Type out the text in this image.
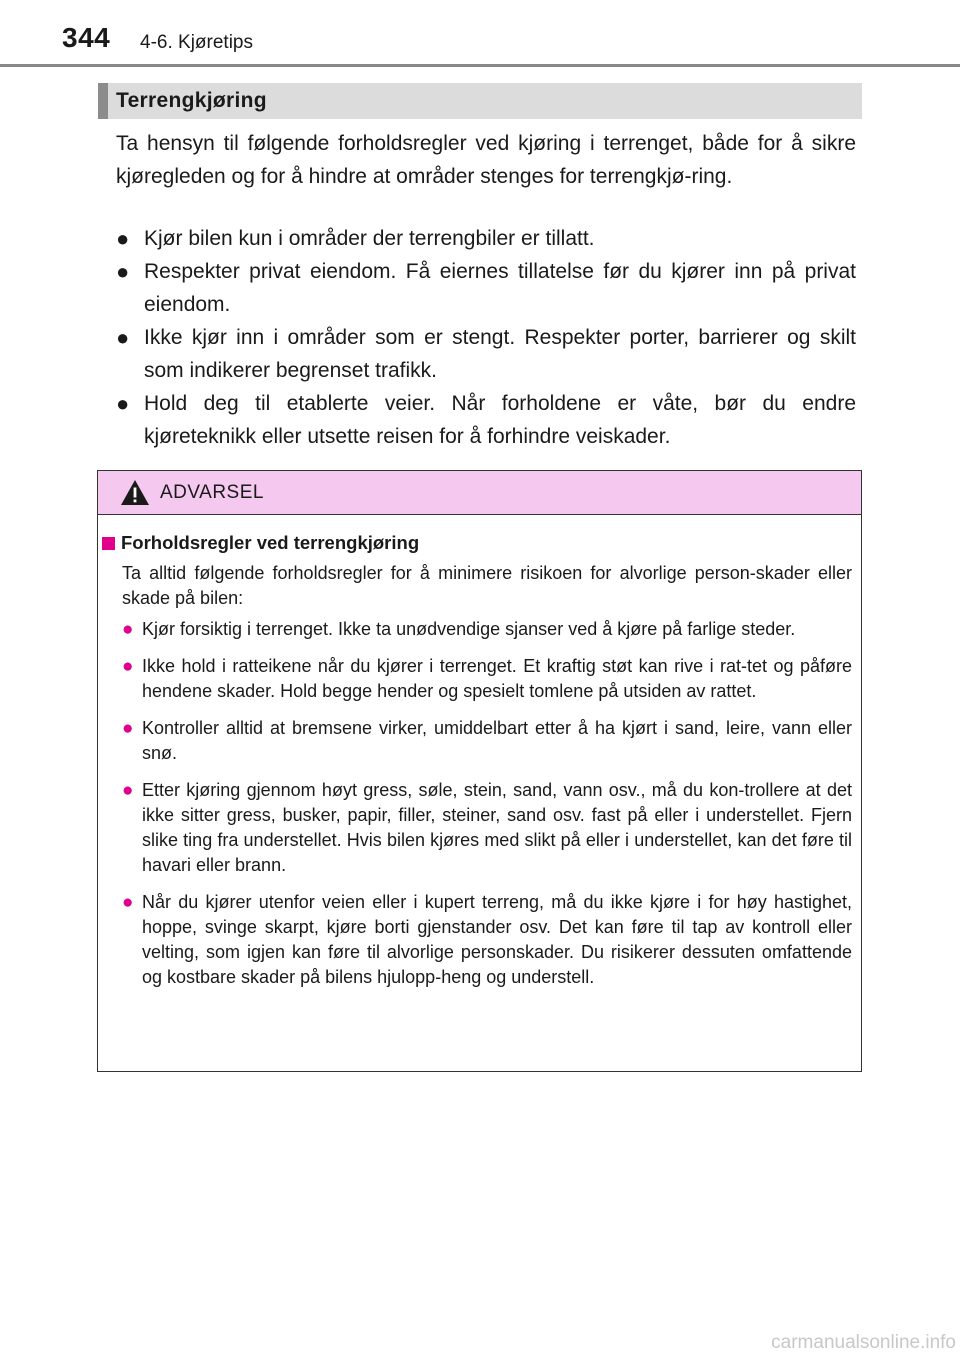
344 4-6. Kjøretips
Terrengkjøring

Ta hensyn til følgende forholdsregler ved kjøring i terrenget, både for å sikre kjøregleden og for å hindre at områder stenges for terrengkjø-ring.

● Kjør bilen kun i områder der terrengbiler er tillatt.
● Respekter privat eiendom. Få eiernes tillatelse før du kjører inn på privat eiendom.
● Ikke kjør inn i områder som er stengt. Respekter porter, barrierer og skilt som indikerer begrenset trafikk.
● Hold deg til etablerte veier. Når forholdene er våte, bør du endre kjøreteknikk eller utsette reisen for å forhindre veiskader.
ADVARSEL
Forholdsregler ved terrengkjøring

Ta alltid følgende forholdsregler for å minimere risikoen for alvorlige person-skader eller skade på bilen:

● Kjør forsiktig i terrenget. Ikke ta unødvendige sjanser ved å kjøre på farlige steder.
● Ikke hold i ratteikene når du kjører i terrenget. Et kraftig støt kan rive i rat-tet og påføre hendene skader. Hold begge hender og spesielt tomlene på utsiden av rattet.
● Kontroller alltid at bremsene virker, umiddelbart etter å ha kjørt i sand, leire, vann eller snø.
● Etter kjøring gjennom høyt gress, søle, stein, sand, vann osv., må du kon-trollere at det ikke sitter gress, busker, papir, filler, steiner, sand osv. fast på eller i understellet. Fjern slike ting fra understellet. Hvis bilen kjøres med slikt på eller i understellet, kan det føre til havari eller brann.
● Når du kjører utenfor veien eller i kupert terreng, må du ikke kjøre i for høy hastighet, hoppe, svinge skarpt, kjøre borti gjenstander osv. Det kan føre til tap av kontroll eller velting, som igjen kan føre til alvorlige personskader. Du risikerer dessuten omfattende og kostbare skader på bilens hjulopp-heng og understell.
carmanualsonline.info
